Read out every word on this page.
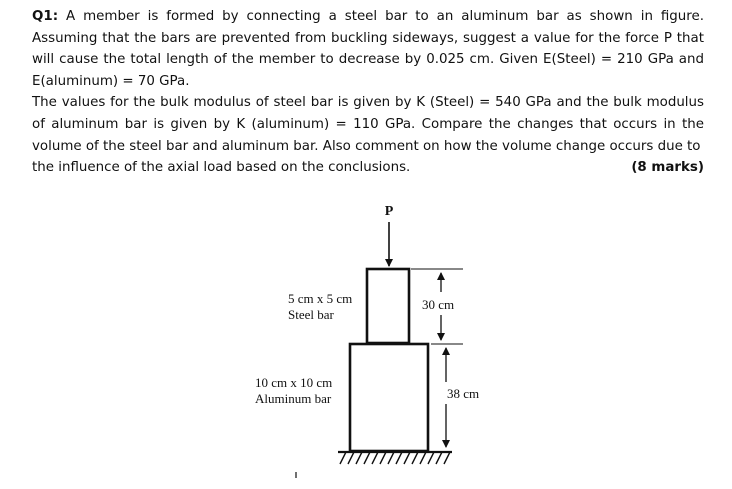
Q1: A member is formed by connecting a steel bar to an aluminum bar as shown in figure. Assuming that the bars are prevented from buckling sideways, suggest a value for the force P that will cause the total length of the member to decrease by 0.025 cm. Given E(Steel) = 210 GPa and E(aluminum) = 70 GPa.

The values for the bulk modulus of steel bar is given by K (Steel) = 540 GPa and the bulk modulus of aluminum bar is given by K (aluminum) = 110 GPa. Compare the changes that occurs in the volume of the steel bar and aluminum bar. Also comment on how the volume change occurs due to

the influence of the axial load based on the conclusions.	(8 marks)
P
5 cm x 5 cm
Steel bar
10 cm x 10 cm
Aluminum bar
30 cm
38 cm
